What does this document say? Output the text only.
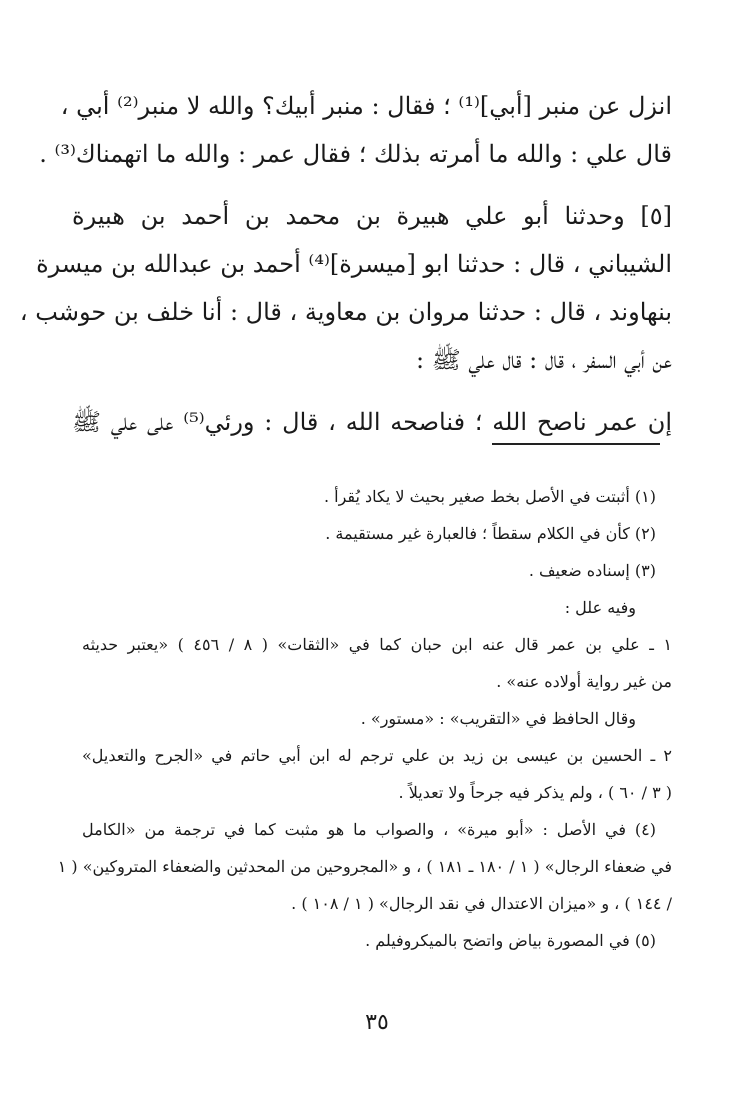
انزل عن منبر [أبي]⁽¹⁾ ؛ فقال : منبر أبيك؟ والله لا منبر⁽²⁾ أبي ،

قال علي : والله ما أمرته بذلك ؛ فقال عمر : والله ما اتهمناك⁽³⁾ .

[٥] وحدثنا أبو علي هبيرة بن محمد بن أحمد بن هبيرة

الشيباني ، قال : حدثنا ابو [ميسرة]⁽⁴⁾ أحمد بن عبدالله بن ميسرة

بنهاوند ، قال : حدثنا مروان بن معاوية ، قال : أنا خلف بن حوشب ،

عن أبي السفر ، قال : قال علي ﷺ :

إن عمر ناصح الله ؛ فناصحه الله ، قال : ورئي⁽⁵⁾ على علي ﷺ

(١) أثبتت في الأصل بخط صغير بحيث لا يكاد يُقرأ .

(٢) كأن في الكلام سقطاً ؛ فالعبارة غير مستقيمة .

(٣) إسناده ضعيف .

وفيه علل :

١ ـ علي بن عمر قال عنه ابن حبان كما في «الثقات» ( ٨ / ٤٥٦ ) «يعتبر حديثه

من غير رواية أولاده عنه» .

وقال الحافظ في «التقريب» : «مستور» .

٢ ـ الحسين بن عيسى بن زيد بن علي ترجم له ابن أبي حاتم في «الجرح والتعديل»

( ٣ / ٦٠ ) ، ولم يذكر فيه جرحاً ولا تعديلاً .

(٤) في الأصل : «أبو ميرة» ، والصواب ما هو مثبت كما في ترجمة من «الكامل

في ضعفاء الرجال» ( ١ / ١٨٠ ـ ١٨١ ) ، و «المجروحين من المحدثين والضعفاء المتروكين» ( ١

/ ١٤٤ ) ، و «ميزان الاعتدال في نقد الرجال» ( ١ / ١٠٨ ) .

(٥) في المصورة بياض واتضح بالميكروفيلم .

٣٥
